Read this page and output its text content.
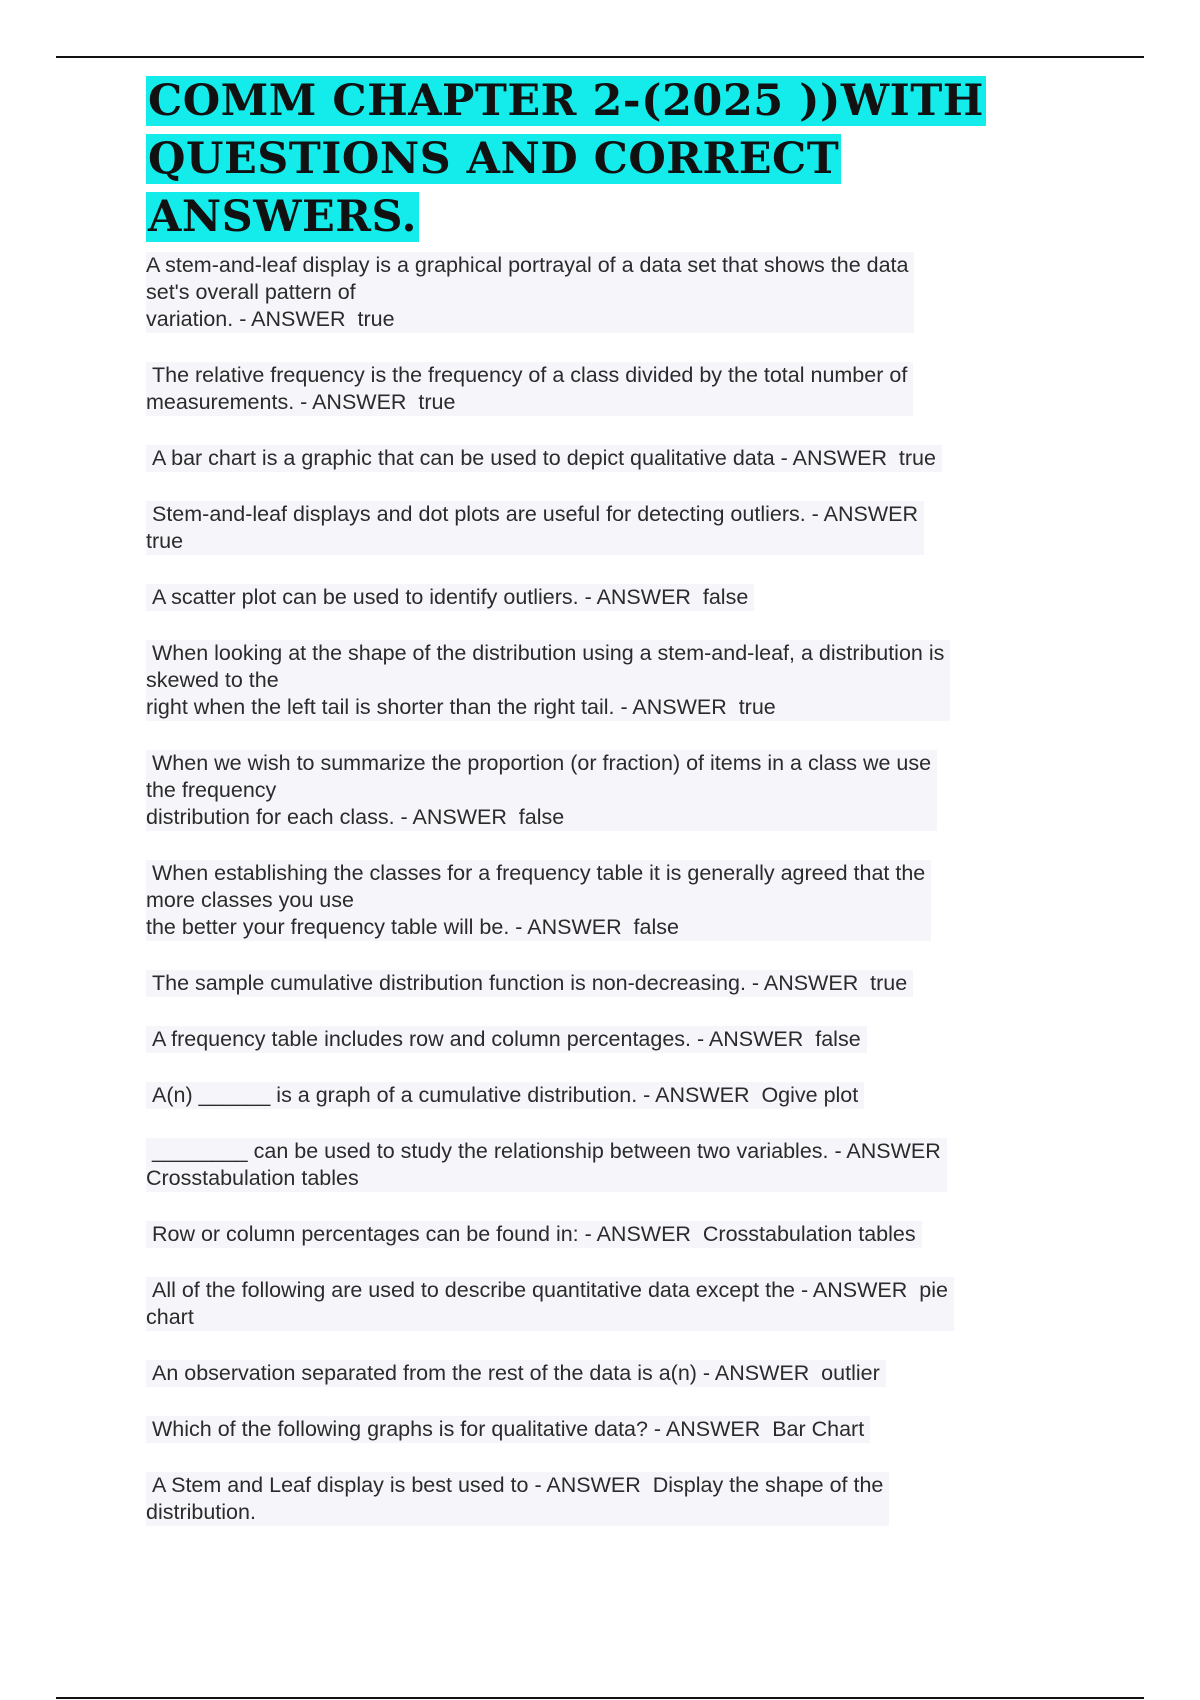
COMM CHAPTER 2-(2025 ))WITH
QUESTIONS AND CORRECT ANSWERS.
A stem-and-leaf display is a graphical portrayal of a data set that shows the data
set's overall pattern of
variation. - ANSWER  true  The relative frequency is the frequency of a class divided by the total number of
measurements. - ANSWER  true  A bar chart is a graphic that can be used to depict qualitative data - ANSWER  true  Stem-and-leaf displays and dot plots are useful for detecting outliers. - ANSWER
true  A scatter plot can be used to identify outliers. - ANSWER  false  When looking at the shape of the distribution using a stem-and-leaf, a distribution is
skewed to the
right when the left tail is shorter than the right tail. - ANSWER  true  When we wish to summarize the proportion (or fraction) of items in a class we use
the frequency
distribution for each class. - ANSWER  false  When establishing the classes for a frequency table it is generally agreed that the
more classes you use
the better your frequency table will be. - ANSWER  false  The sample cumulative distribution function is non-decreasing. - ANSWER  true  A frequency table includes row and column percentages. - ANSWER  false  A(n) ______ is a graph of a cumulative distribution. - ANSWER  Ogive plot  ________ can be used to study the relationship between two variables. - ANSWER
Crosstabulation tables  Row or column percentages can be found in: - ANSWER  Crosstabulation tables  All of the following are used to describe quantitative data except the - ANSWER  pie
chart  An observation separated from the rest of the data is a(n) - ANSWER  outlier  Which of the following graphs is for qualitative data? - ANSWER  Bar Chart  A Stem and Leaf display is best used to - ANSWER  Display the shape of the
distribution.
